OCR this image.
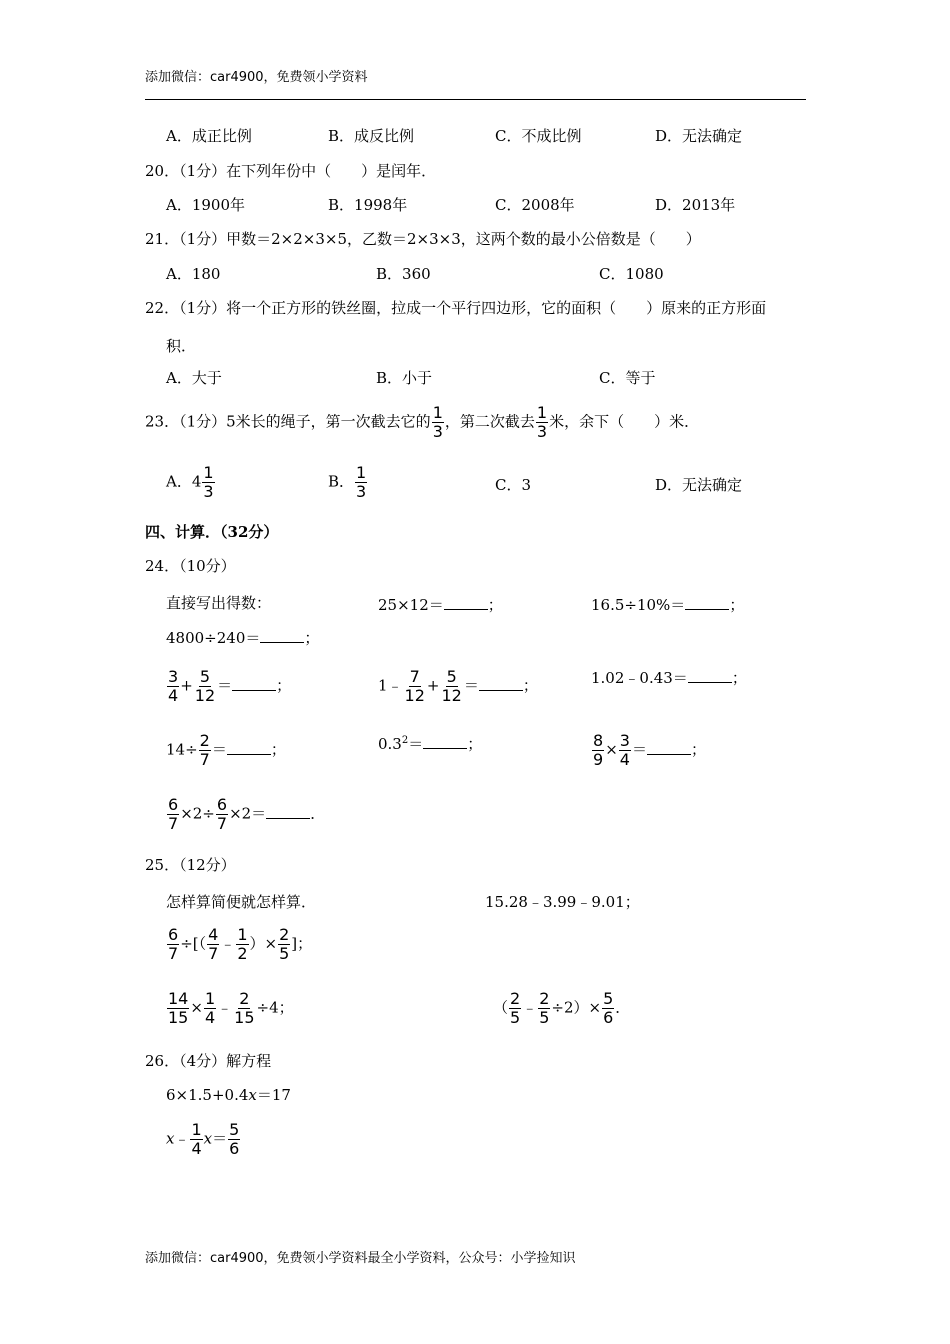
添加微信：car4900，免费领小学资料
A．成正比例	B．成反比例	C．不成比例	D．无法确定
20．（1分）在下列年份中（　　）是闰年．
A．1900年	B．1998年	C．2008年	D．2013年
21．（1分）甲数＝2×2×3×5，乙数＝2×3×3，这两个数的最小公倍数是（　　）
A．180	B．360	C．1080
22．（1分）将一个正方形的铁丝圈，拉成一个平行四边形，它的面积（　　）原来的正方形面
积．
A．大于	B．小于	C．等于
23．（1分）5米长的绳子，第一次截去它的 $\frac{1}{3}$ ，第二次截去 $\frac{1}{3}$ 米，余下（　　）米．
A．$4 \frac{1}{3}$	B． $\frac{1}{3}$	C．3	D．无法确定
四、计算．（32分）
24．（10分）
直接写出得数：	25×12＝	；	16.5÷10%＝	；
4800÷240＝	；
$\frac{3}{4} + \frac{5}{12}$ ＝	；	1﹣ $\frac{7}{12} + \frac{5}{12}$ ＝	；	1.02﹣0.43＝	；
$14\div \frac{2}{7}$ ＝	；	$0.3^2=$	；	$\frac{8}{9} \times \frac{3}{4}$ ＝	；
$\frac{6}{7} \times 2\div \frac{6}{7} \times 2=$	．
25．（12分）
怎样算简便就怎样算．	15.28﹣3.99﹣9.01；
$\frac{6}{7}$ ÷[（ $\frac{4}{7}$ ﹣ $\frac{1}{2}$ ）× $\frac{2}{5}$ ]；
$\frac{14}{15} \times \frac{1}{4}$ ﹣ $\frac{2}{15} \div 4$；	（ $\frac{2}{5}$ ﹣ $\frac{2}{5} \div 2)\times \frac{5}{6}$ ．
26．（4分）解方程
6×1.5+0.4x＝17
x﹣ $\frac{1}{4} x= \frac{5}{6}$
添加微信：car4900，免费领小学资料最全小学资料，公众号：小学捡知识
